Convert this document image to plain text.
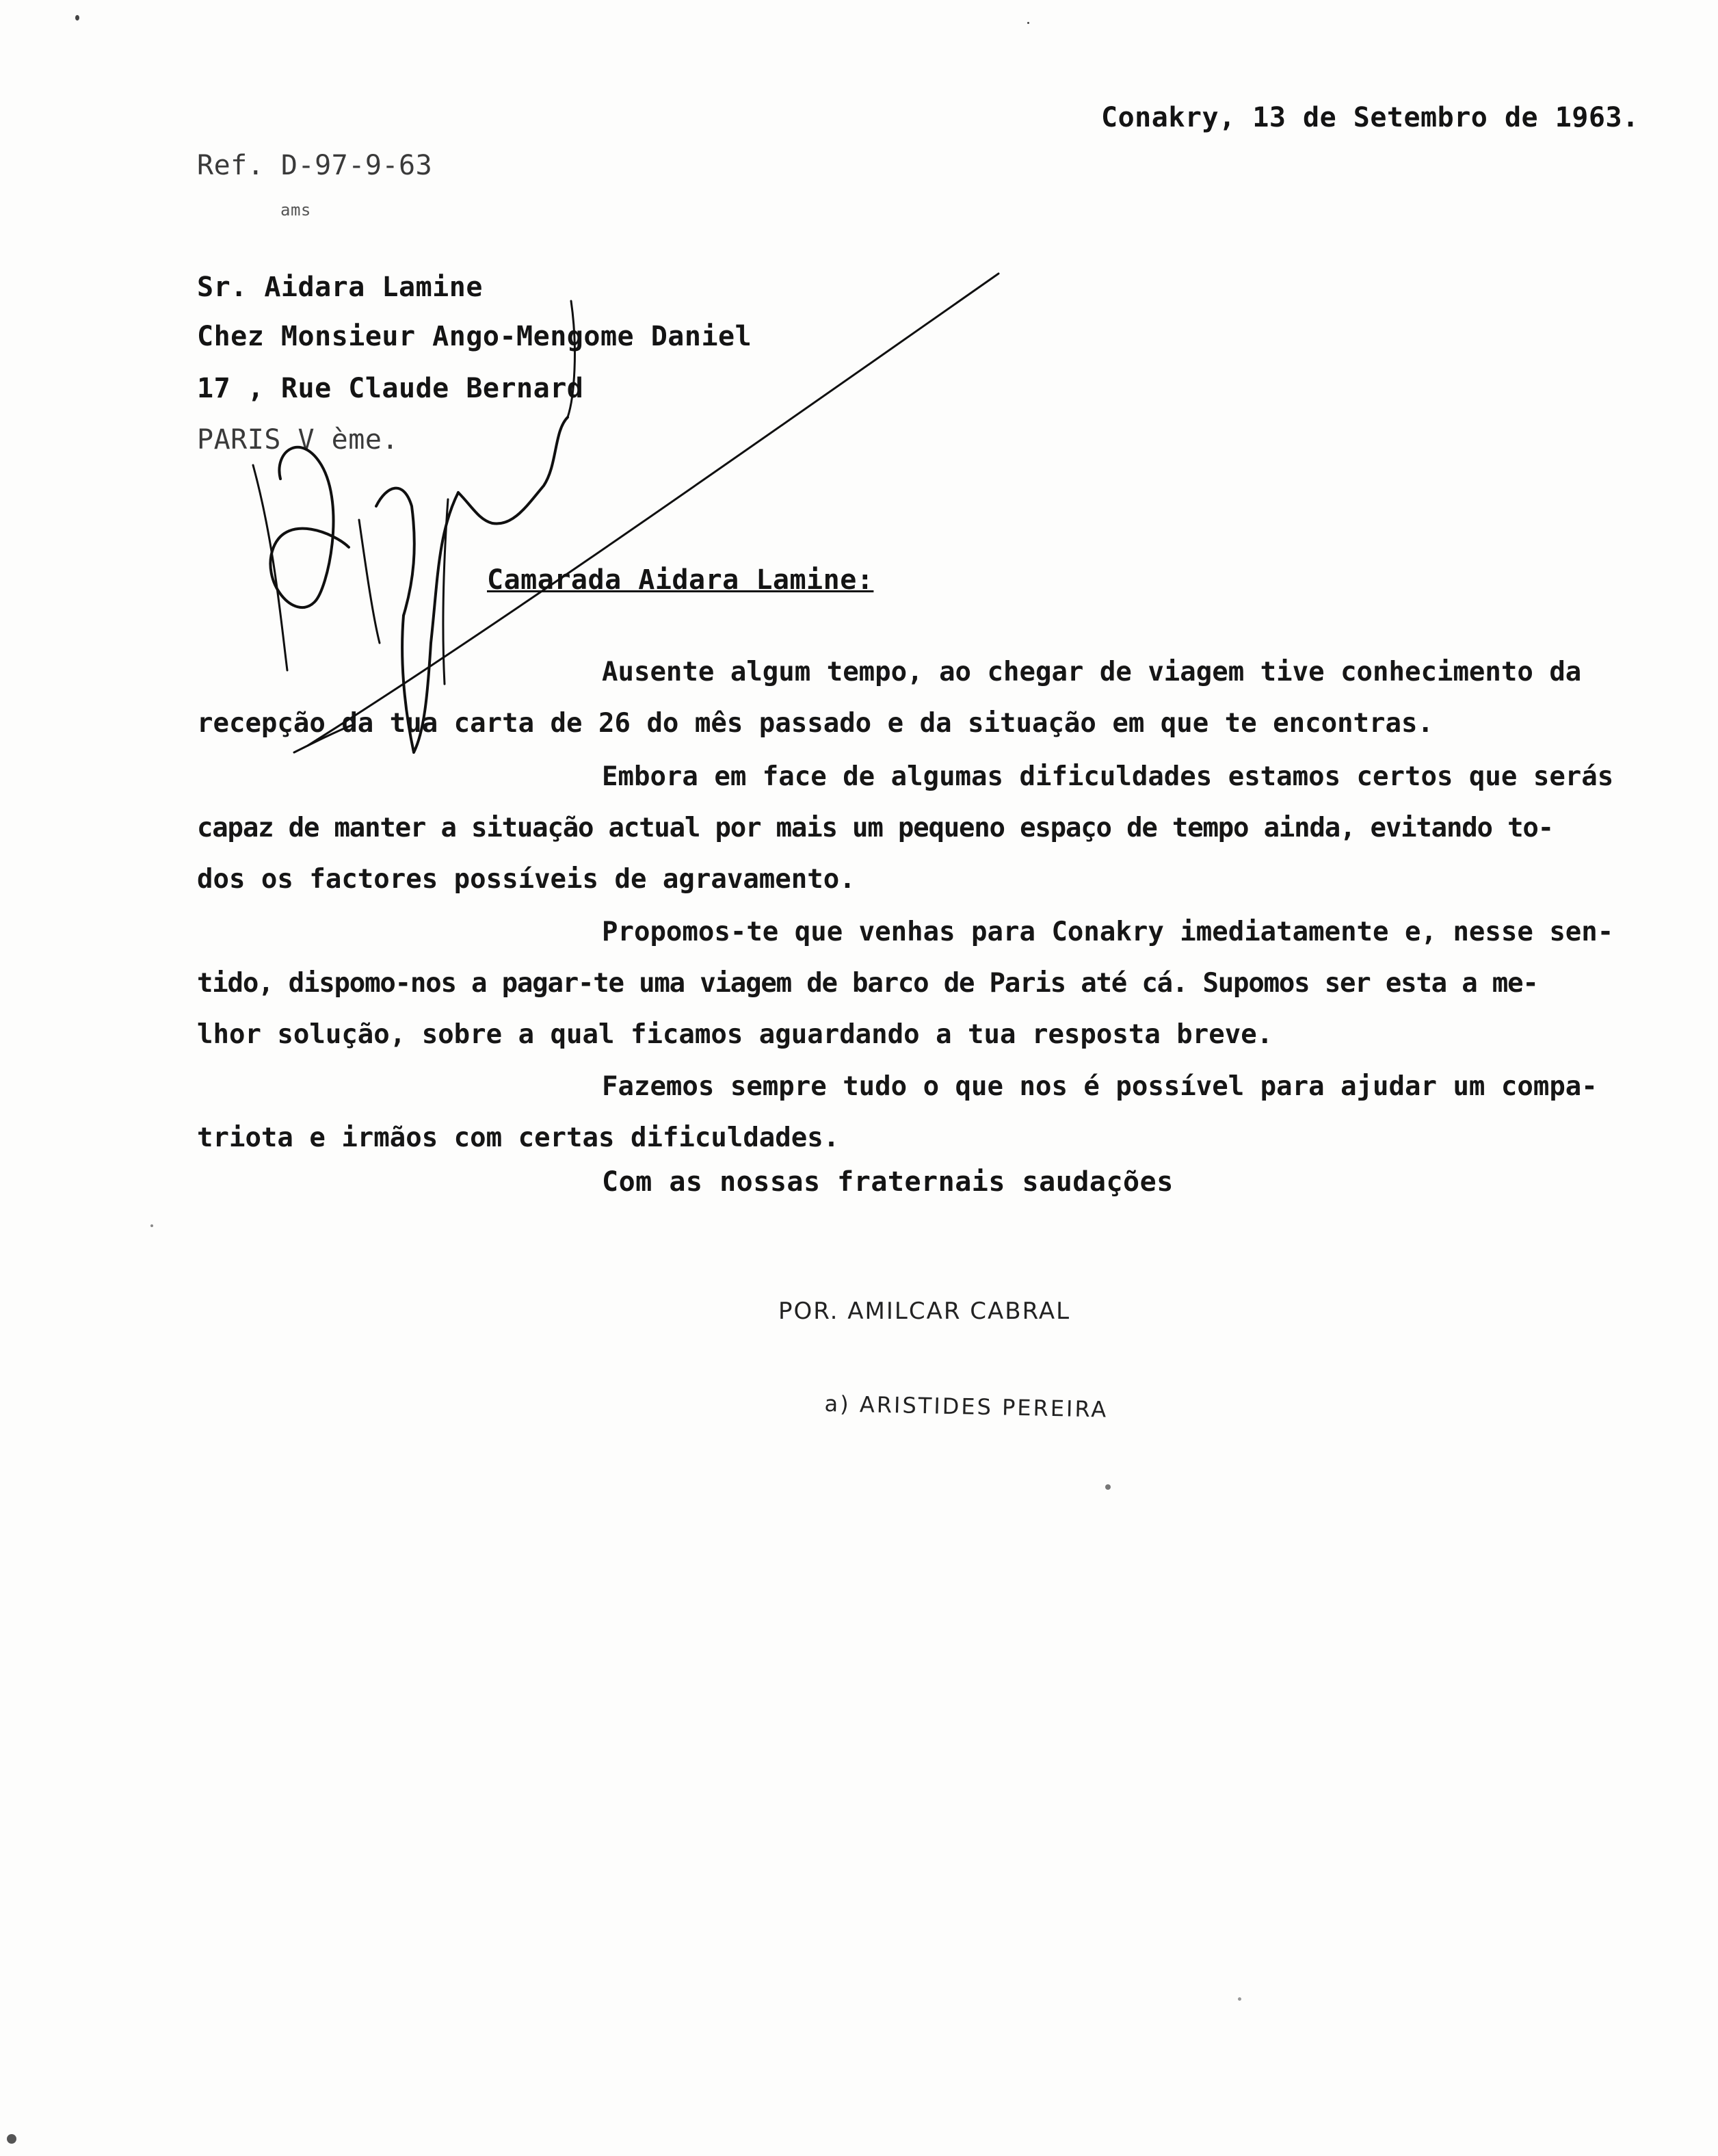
Conakry, 13 de Setembro de 1963.
Ref. D-97-9-63
ams
Sr. Aidara Lamine
Chez Monsieur Ango-Mengome Daniel
17 , Rue Claude Bernard
PARIS V ème.
Camarada Aidara Lamine:
Ausente algum tempo, ao chegar de viagem tive conhecimento da
recepção da tua carta de 26 do mês passado e da situação em que te encontras.
Embora em face de algumas dificuldades estamos certos que serás
capaz de manter a situação actual por mais um pequeno espaço de tempo ainda, evitando to-
dos os factores possíveis de agravamento.
Propomos-te que venhas para Conakry imediatamente e, nesse sen-
tido, dispomo-nos a pagar-te uma viagem de barco de Paris até cá. Supomos ser esta a me-
lhor solução, sobre a qual ficamos aguardando a tua resposta breve.
Fazemos sempre tudo o que nos é possível para ajudar um compa-
triota e irmãos com certas dificuldades.
Com as nossas fraternais saudações
POR. AMILCAR CABRAL
a) ARISTIDES PEREIRA
